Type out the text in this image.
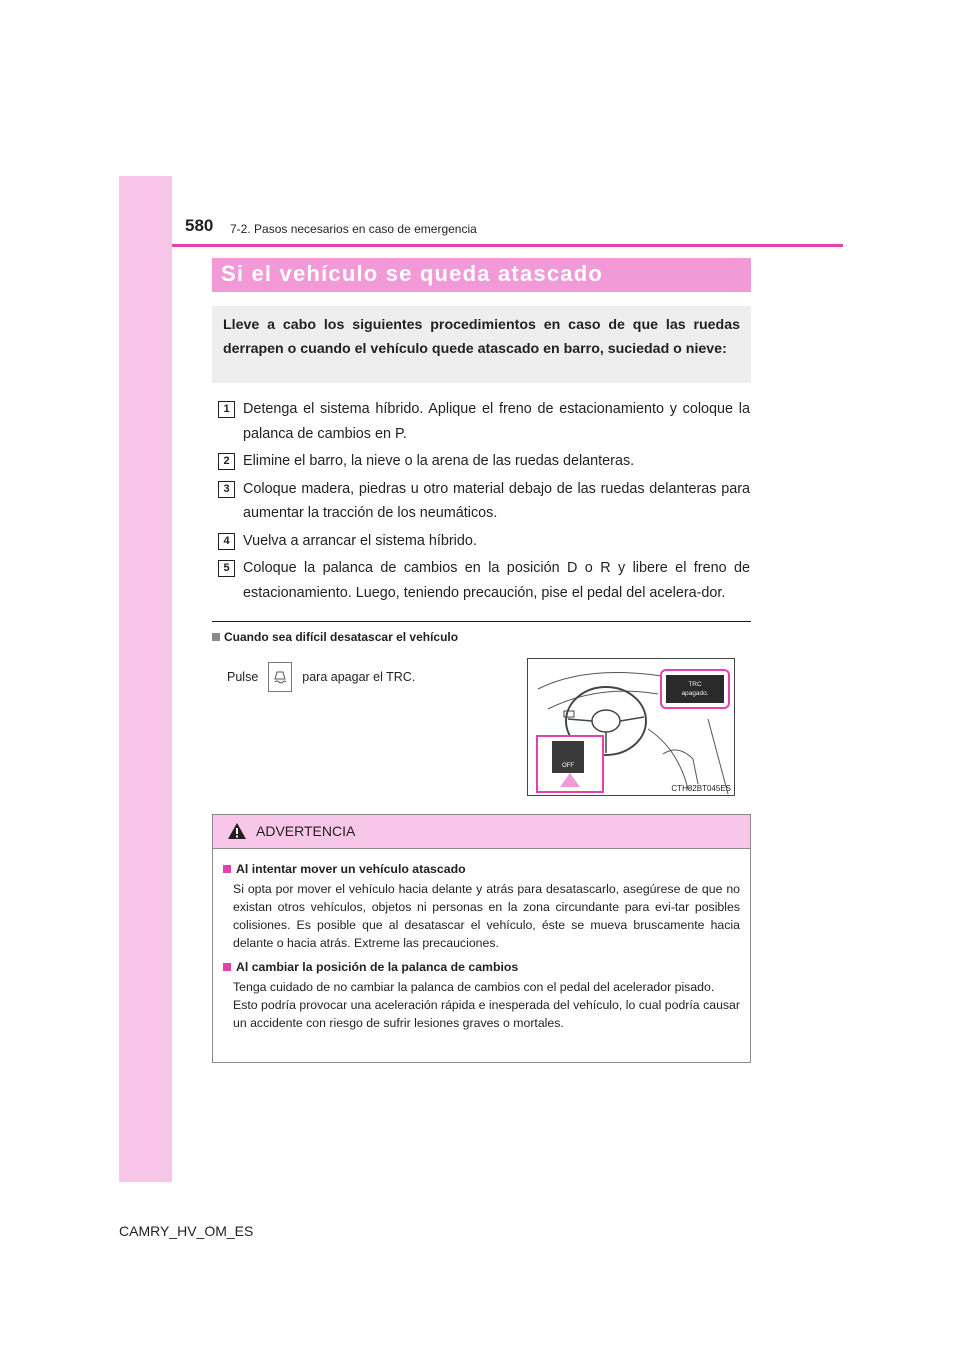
580 7-2. Pasos necesarios en caso de emergencia
Si el vehículo se queda atascado

Lleve a cabo los siguientes procedimientos en caso de que las ruedas derrapen o cuando el vehículo quede atascado en barro, suciedad o nieve:

1 Detenga el sistema híbrido. Aplique el freno de estacionamiento y coloque la palanca de cambios en P.
2 Elimine el barro, la nieve o la arena de las ruedas delanteras.
3 Coloque madera, piedras u otro material debajo de las ruedas delanteras para aumentar la tracción de los neumáticos.
4 Vuelva a arrancar el sistema híbrido.
5 Coloque la palanca de cambios en la posición D o R y libere el freno de estacionamiento. Luego, teniendo precaución, pise el pedal del acelera-dor.
Cuando sea difícil desatascar el vehículo
Pulse	para apagar el TRC.
TRC
apagado.
OFF
CTH82BT045ES
ADVERTENCIA
Al intentar mover un vehículo atascado
Si opta por mover el vehículo hacia delante y atrás para desatascarlo, asegúrese de que no existan otros vehículos, objetos ni personas en la zona circundante para evi-tar posibles colisiones. Es posible que al desatascar el vehículo, éste se mueva bruscamente hacia delante o hacia atrás. Extreme las precauciones.
Al cambiar la posición de la palanca de cambios
Tenga cuidado de no cambiar la palanca de cambios con el pedal del acelerador pisado.
Esto podría provocar una aceleración rápida e inesperada del vehículo, lo cual podría causar un accidente con riesgo de sufrir lesiones graves o mortales.
CAMRY_HV_OM_ES
